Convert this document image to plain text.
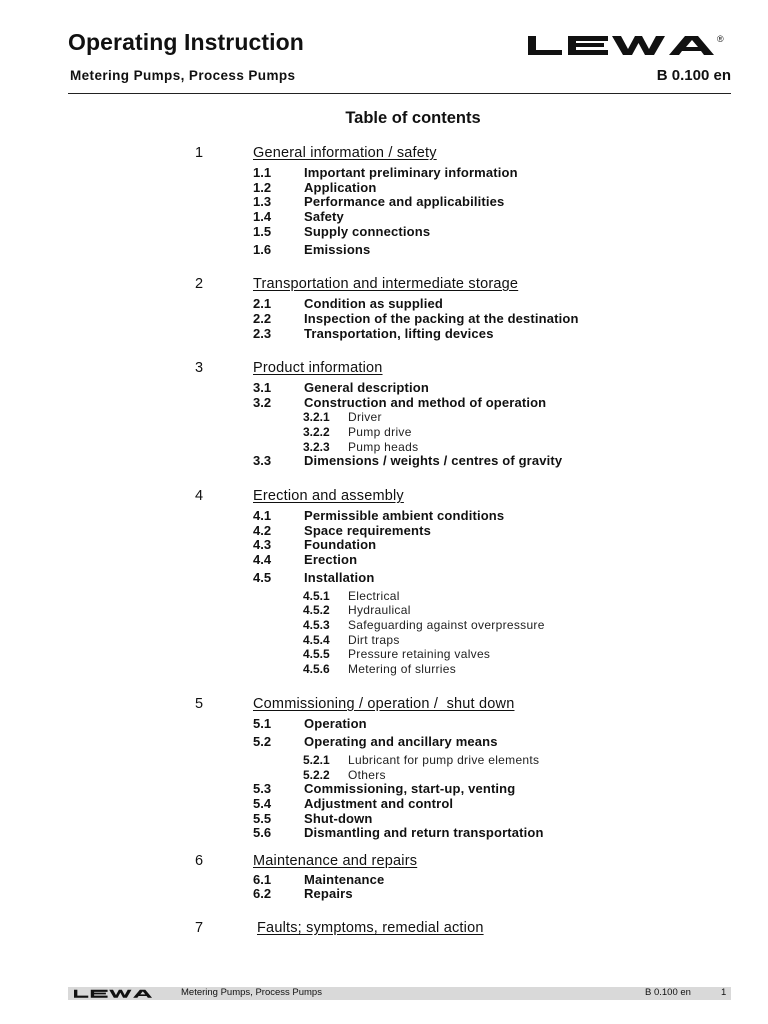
Operating Instruction
Metering Pumps, Process Pumps	B 0.100 en
®
Table of contents
1	General information / safety
1.1	Important preliminary information
1.2	Application
1.3	Performance and applicabilities
1.4	Safety
1.5	Supply connections
1.6	Emissions
2	Transportation and intermediate storage
2.1	Condition as supplied
2.2	Inspection of the packing at the destination
2.3	Transportation, lifting devices
3	Product information
3.1	General description
3.2	Construction and method of operation
3.2.1 Driver
3.2.2 Pump drive
3.2.3 Pump heads
3.3	Dimensions / weights / centres of gravity
4	Erection and assembly
4.1	Permissible ambient conditions
4.2	Space requirements
4.3	Foundation
4.4	Erection
4.5	Installation
4.5.1 Electrical
4.5.2 Hydraulical
4.5.3 Safeguarding against overpressure
4.5.4 Dirt traps
4.5.5 Pressure retaining valves
4.5.6 Metering of slurries
5	Commissioning / operation /  shut down
5.1	Operation
5.2	Operating and ancillary means
5.2.1 Lubricant for pump drive elements
5.2.2 Others
5.3	Commissioning, start-up, venting
5.4	Adjustment and control
5.5	Shut-down
5.6	Dismantling and return transportation
6	Maintenance and repairs
6.1	Maintenance
6.2	Repairs
7	Faults; symptoms, remedial action
Metering Pumps, Process Pumps	B 0.100 en	1
